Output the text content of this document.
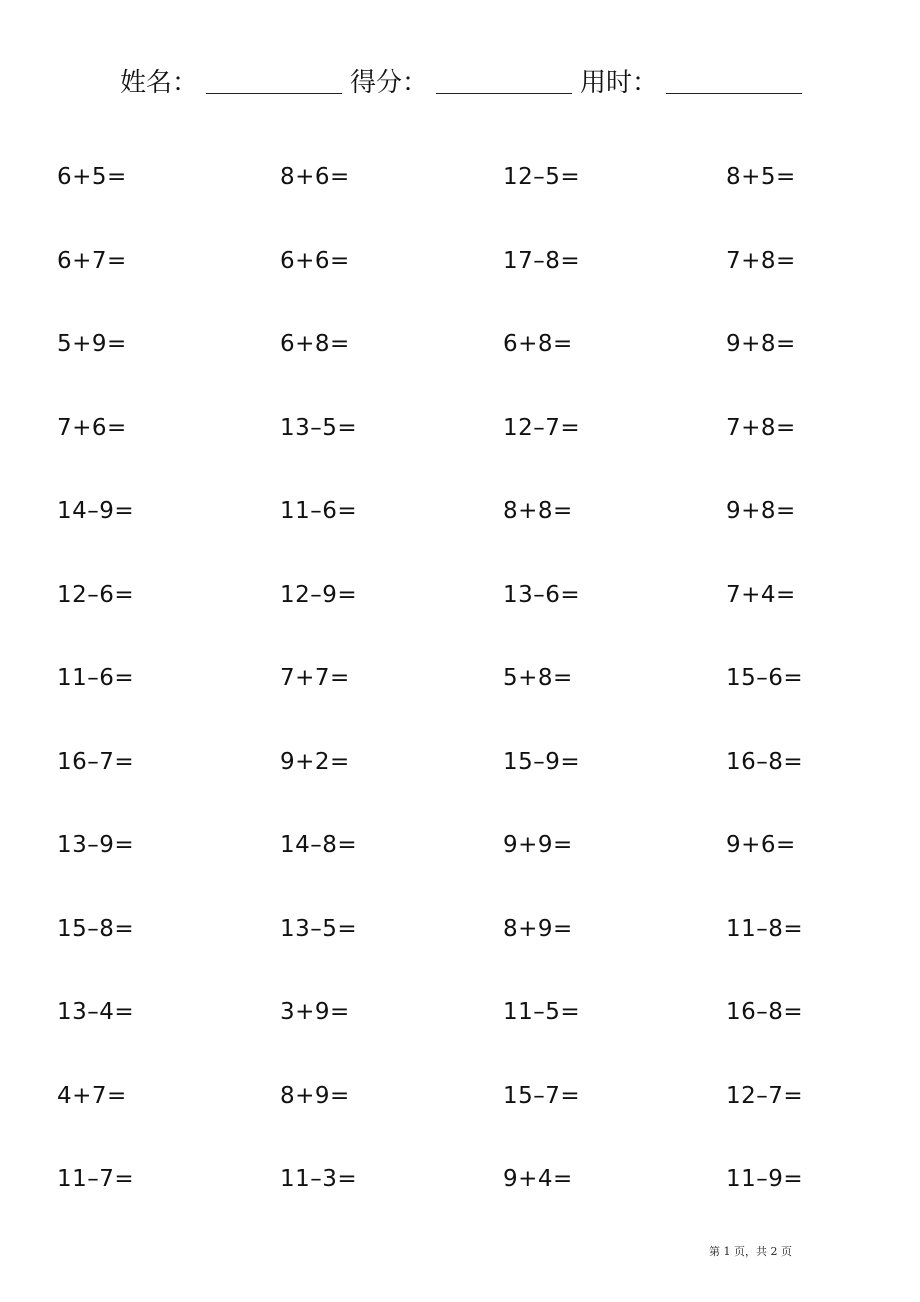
姓名：	得分：	用时：
6+5=	8+6=	12–5=	8+5=
6+7=	6+6=	17–8=	7+8=
5+9=	6+8=	6+8=	9+8=
7+6=	13–5=	12–7=	7+8=
14–9=	11–6=	8+8=	9+8=
12–6=	12–9=	13–6=	7+4=
11–6=	7+7=	5+8=	15–6=
16–7=	9+2=	15–9=	16–8=
13–9=	14–8=	9+9=	9+6=
15–8=	13–5=	8+9=	11–8=
13–4=	3+9=	11–5=	16–8=
4+7=	8+9=	15–7=	12–7=
11–7=	11–3=	9+4=	11–9=
第 1 页，共 2 页
